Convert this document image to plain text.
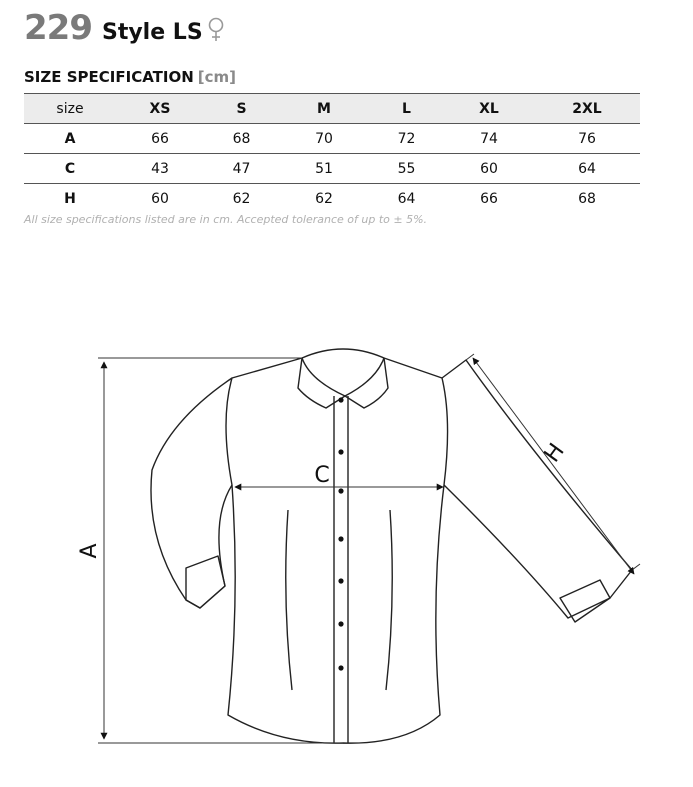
229 Style LS
SIZE SPECIFICATION [cm]
size	XS	S	M	L	XL	2XL
A	66	68	70	72	74	76
C	43	47	51	55	60	64
H	60	62	62	64	66	68
All size specifications listed are in cm. Accepted tolerance of up to ± 5%.
A
C
H
